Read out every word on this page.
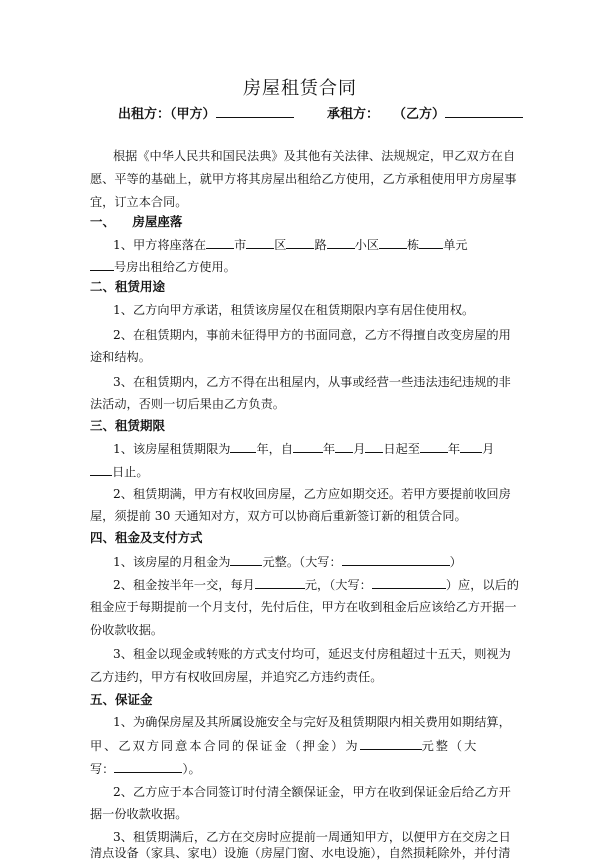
房屋租赁合同
出租方：（甲方）	承租方： （乙方）
根据《中华人民共和国民法典》及其他有关法律、法规规定，甲乙双方在自
愿、平等的基础上，就甲方将其房屋出租给乙方使用，乙方承租使用甲方房屋事
宜，订立本合同。
一、    房屋座落
1、甲方将座落在 市 区 路 小区 栋 单元
号房出租给乙方使用。
二、租赁用途
1、乙方向甲方承诺，租赁该房屋仅在租赁期限内享有居住使用权。
2、在租赁期内，事前未征得甲方的书面同意，乙方不得擅自改变房屋的用
途和结构。
3、在租赁期内，乙方不得在出租屋内，从事或经营一些违法违纪违规的非
法活动，否则一切后果由乙方负责。
三、租赁期限
1、该房屋租赁期限为 年，自 年 月 日起至 年 月
日止。
2、租赁期满，甲方有权收回房屋，乙方应如期交还。若甲方要提前收回房
屋，须提前 30 天通知对方，双方可以协商后重新签订新的租赁合同。
四、租金及支付方式
1、该房屋的月租金为	元整。（大写：	）
2、租金按半年一交，每月	元，（大写：	）应，以后的
租金应于每期提前一个月支付，先付后住，甲方在收到租金后应该给乙方开据一
份收款收据。
3、租金以现金或转账的方式支付均可，延迟支付房租超过十五天，则视为
乙方违约，甲方有权收回房屋，并追究乙方违约责任。
五、保证金
1、为确保房屋及其所属设施安全与完好及租赁期限内相关费用如期结算，
甲、乙双方同意本合同的保证金（押金）为	元整（大
写：	）。
2、乙方应于本合同签订时付清全额保证金，甲方在收到保证金后给乙方开
据一份收款收据。
3、租赁期满后，乙方在交房时应提前一周通知甲方，以便甲方在交房之日
清点设备（家具、家电）设施（房屋门窗、水电设施），自然损耗除外，并付清
